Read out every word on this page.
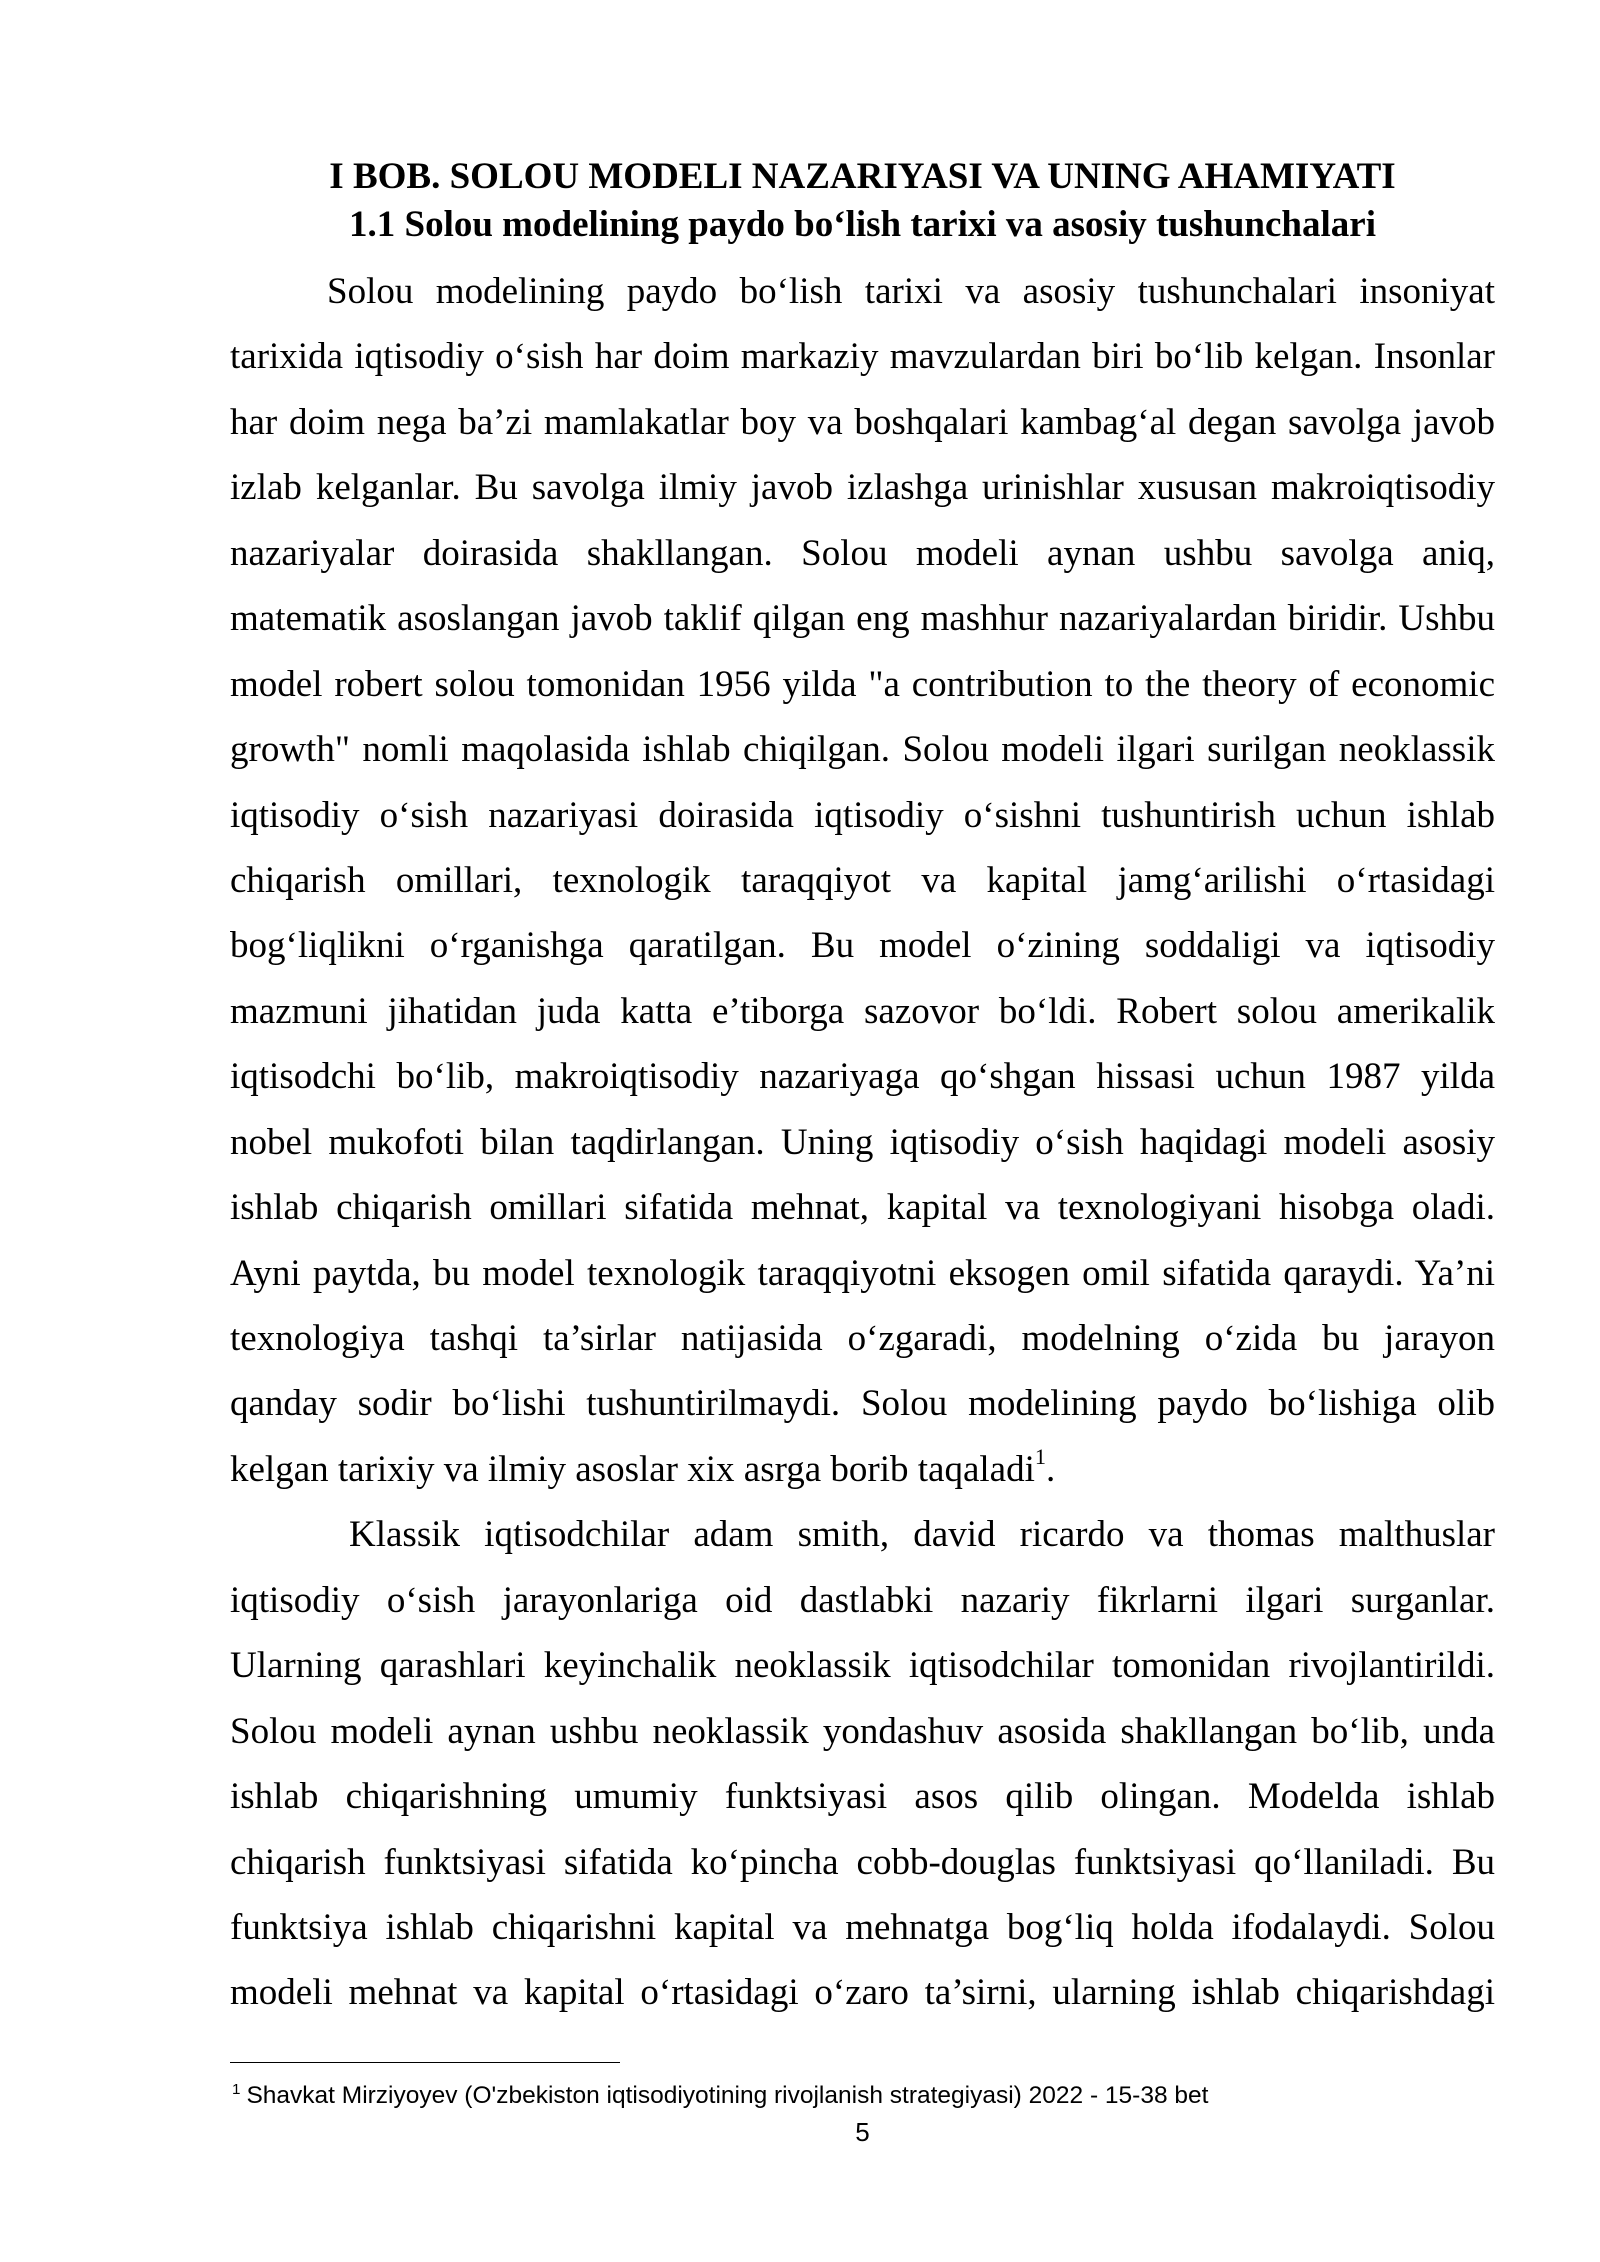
I BOB. SOLOU MODELI NAZARIYASI VA UNING AHAMIYATI
1.1 Solou modelining paydo bo‘lish tarixi va asosiy tushunchalari
Solou modelining paydo bo‘lish tarixi va asosiy tushunchalari insoniyat
tarixida iqtisodiy o‘sish har doim markaziy mavzulardan biri bo‘lib kelgan. Insonlar
har doim nega ba’zi mamlakatlar boy va boshqalari kambag‘al degan savolga javob
izlab kelganlar. Bu savolga ilmiy javob izlashga urinishlar xususan makroiqtisodiy
nazariyalar doirasida shakllangan. Solou modeli aynan ushbu savolga aniq,
matematik asoslangan javob taklif qilgan eng mashhur nazariyalardan biridir. Ushbu
model robert solou tomonidan 1956 yilda "a contribution to the theory of economic
growth" nomli maqolasida ishlab chiqilgan. Solou modeli ilgari surilgan neoklassik
iqtisodiy o‘sish nazariyasi doirasida iqtisodiy o‘sishni tushuntirish uchun ishlab
chiqarish omillari, texnologik taraqqiyot va kapital jamg‘arilishi o‘rtasidagi
bog‘liqlikni o‘rganishga qaratilgan. Bu model o‘zining soddaligi va iqtisodiy
mazmuni jihatidan juda katta e’tiborga sazovor bo‘ldi. Robert solou amerikalik
iqtisodchi bo‘lib, makroiqtisodiy nazariyaga qo‘shgan hissasi uchun 1987 yilda
nobel mukofoti bilan taqdirlangan. Uning iqtisodiy o‘sish haqidagi modeli asosiy
ishlab chiqarish omillari sifatida mehnat, kapital va texnologiyani hisobga oladi.
Ayni paytda, bu model texnologik taraqqiyotni eksogen omil sifatida qaraydi. Ya’ni
texnologiya tashqi ta’sirlar natijasida o‘zgaradi, modelning o‘zida bu jarayon
qanday sodir bo‘lishi tushuntirilmaydi. Solou modelining paydo bo‘lishiga olib
kelgan tarixiy va ilmiy asoslar xix asrga borib taqaladi$^1$.
Klassik iqtisodchilar adam smith, david ricardo va thomas malthuslar
iqtisodiy o‘sish jarayonlariga oid dastlabki nazariy fikrlarni ilgari surganlar.
Ularning qarashlari keyinchalik neoklassik iqtisodchilar tomonidan rivojlantirildi.
Solou modeli aynan ushbu neoklassik yondashuv asosida shakllangan bo‘lib, unda
ishlab chiqarishning umumiy funktsiyasi asos qilib olingan. Modelda ishlab
chiqarish funktsiyasi sifatida ko‘pincha cobb-douglas funktsiyasi qo‘llaniladi. Bu
funktsiya ishlab chiqarishni kapital va mehnatga bog‘liq holda ifodalaydi. Solou
modeli mehnat va kapital o‘rtasidagi o‘zaro ta’sirni, ularning ishlab chiqarishdagi
$^1$ Shavkat Mirziyoyev (O'zbekiston iqtisodiyotining rivojlanish strategiyasi) 2022 - 15-38 bet
5
